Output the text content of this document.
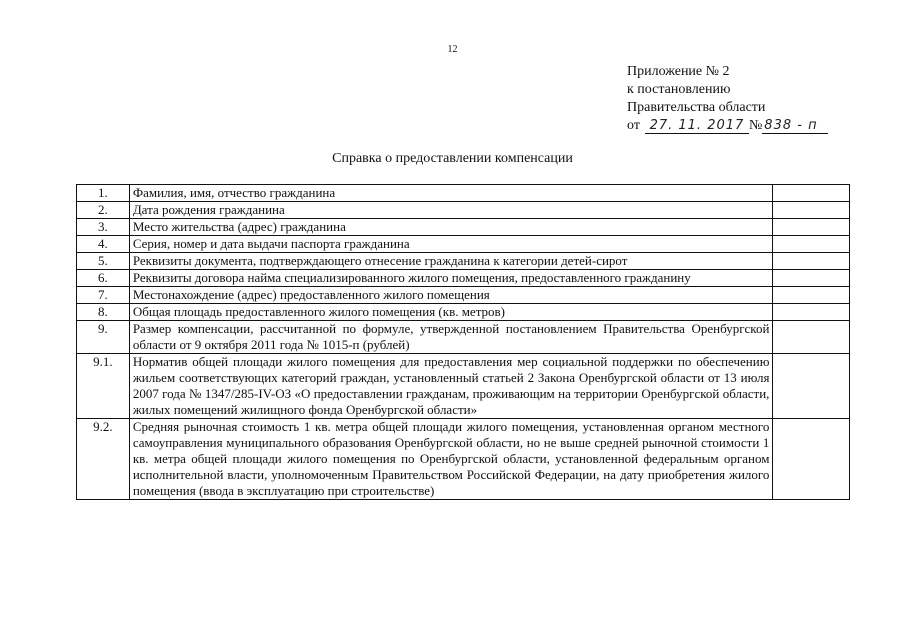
12
Приложение № 2
к постановлению
Правительства области
от 27. 11. 2017 № 838 - п
Справка о предоставлении компенсации
1.	Фамилия, имя, отчество гражданина	
2.	Дата рождения гражданина	
3.	Место жительства (адрес) гражданина	
4.	Серия, номер и дата выдачи паспорта гражданина	
5.	Реквизиты документа, подтверждающего отнесение гражданина к категории детей-сирот	
6.	Реквизиты договора найма специализированного жилого помещения, предоставленного гражданину	
7.	Местонахождение (адрес) предоставленного жилого помещения	
8.	Общая площадь предоставленного жилого помещения (кв. метров)	
9.	Размер компенсации, рассчитанной по формуле, утвержденной постановлением Правительства Оренбургской области от 9 октября 2011 года № 1015-п (рублей)	
9.1.	Норматив общей площади жилого помещения для предоставления мер социальной поддержки по обеспечению жильем соответствующих категорий граждан, установленный статьей 2 Закона Оренбургской области от 13 июля 2007 года № 1347/285-IV-ОЗ «О предоставлении гражданам, проживающим на территории Оренбургской области, жилых помещений жилищного фонда Оренбургской области»	
9.2.	Средняя рыночная стоимость 1 кв. метра общей площади жилого помещения, установленная органом местного самоуправления муниципального образования Оренбургской области, но не выше средней рыночной стоимости 1 кв. метра общей площади жилого помещения по Оренбургской области, установленной федеральным органом исполнительной власти, уполномоченным Правительством Российской Федерации, на дату приобретения жилого помещения (ввода в эксплуатацию при строительстве)	
